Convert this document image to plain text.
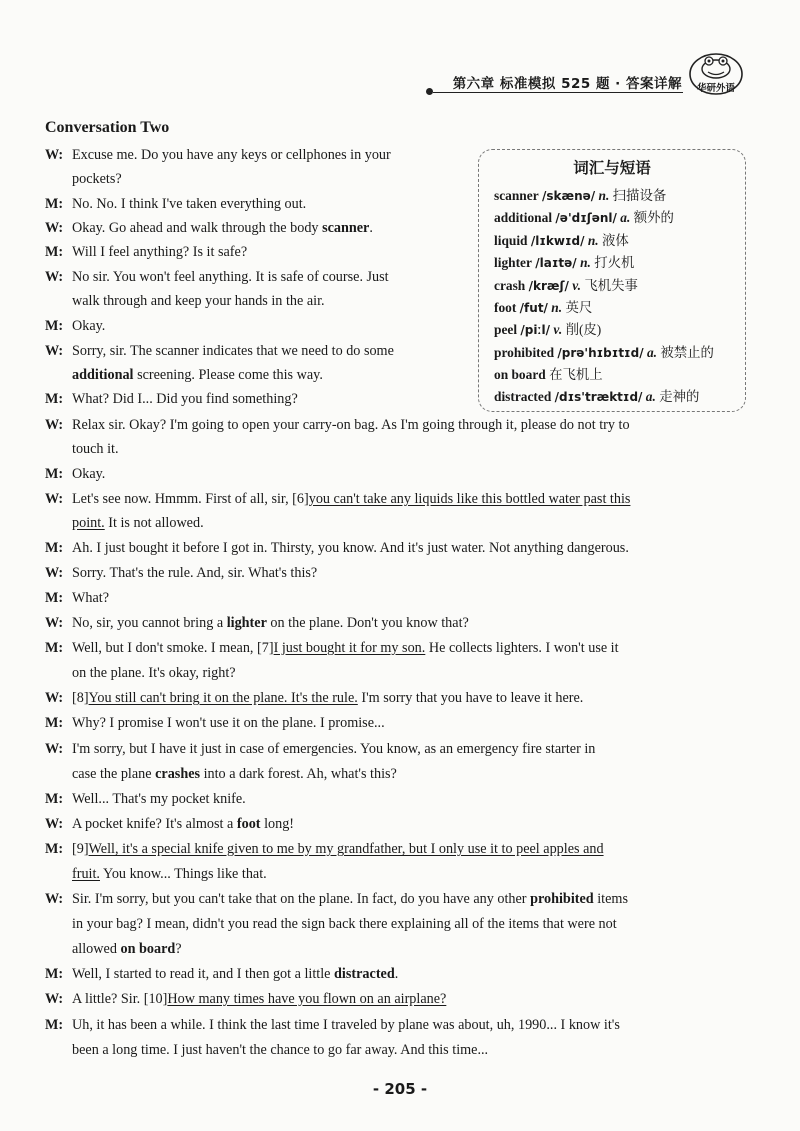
第六章 标准模拟 525 题 · 答案详解	华研外语
Conversation Two
词汇与短语
scanner /skænə/ n. 扫描设备
additional /ə'dɪʃənl/ a. 额外的
liquid /lɪkwɪd/ n. 液体
lighter /laɪtə/ n. 打火机
crash /kræʃ/ v. 飞机失事
foot /fut/ n. 英尺
peel /piːl/ v. 削(皮)
prohibited /prə'hɪbɪtɪd/ a. 被禁止的
on board 在飞机上
distracted /dɪs'træktɪd/ a. 走神的
W: Excuse me. Do you have any keys or cellphones in your
pockets?
M: No. No. I think I've taken everything out.
W: Okay. Go ahead and walk through the body scanner.
M: Will I feel anything? Is it safe?
W: No sir. You won't feel anything. It is safe of course. Just
walk through and keep your hands in the air.
M: Okay.
W: Sorry, sir. The scanner indicates that we need to do some
additional screening. Please come this way.
M: What? Did I... Did you find something?
W: Relax sir. Okay? I'm going to open your carry-on bag. As I'm going through it, please do not try to
touch it.
M: Okay.
W: Let's see now. Hmmm. First of all, sir, [6]you can't take any liquids like this bottled water past this
point. It is not allowed.
M: Ah. I just bought it before I got in. Thirsty, you know. And it's just water. Not anything dangerous.
W: Sorry. That's the rule. And, sir. What's this?
M: What?
W: No, sir, you cannot bring a lighter on the plane. Don't you know that?
M: Well, but I don't smoke. I mean, [7]I just bought it for my son. He collects lighters. I won't use it
on the plane. It's okay, right?
W: [8]You still can't bring it on the plane. It's the rule. I'm sorry that you have to leave it here.
M: Why? I promise I won't use it on the plane. I promise...
W: I'm sorry, but I have it just in case of emergencies. You know, as an emergency fire starter in
case the plane crashes into a dark forest. Ah, what's this?
M: Well... That's my pocket knife.
W: A pocket knife? It's almost a foot long!
M: [9]Well, it's a special knife given to me by my grandfather, but I only use it to peel apples and
fruit. You know... Things like that.
W: Sir. I'm sorry, but you can't take that on the plane. In fact, do you have any other prohibited items
in your bag? I mean, didn't you read the sign back there explaining all of the items that were not
allowed on board?
M: Well, I started to read it, and I then got a little distracted.
W: A little? Sir. [10]How many times have you flown on an airplane?
M: Uh, it has been a while. I think the last time I traveled by plane was about, uh, 1990... I know it's
been a long time. I just haven't the chance to go far away. And this time...
- 205 -
